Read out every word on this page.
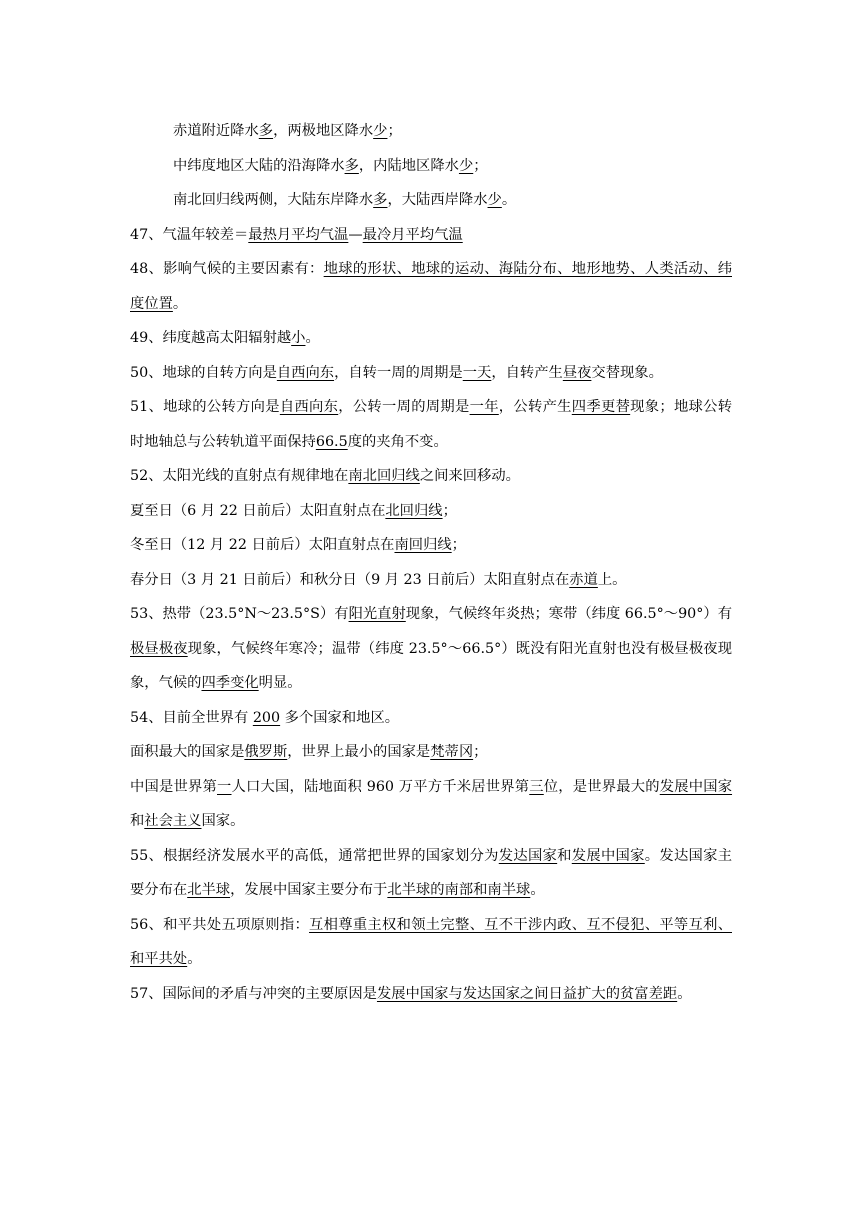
赤道附近降水多，两极地区降水少；

中纬度地区大陆的沿海降水多，内陆地区降水少；

南北回归线两侧，大陆东岸降水多，大陆西岸降水少。

47、气温年较差＝最热月平均气温—最冷月平均气温

48、影响气候的主要因素有：地球的形状、地球的运动、海陆分布、地形地势、人类活动、纬度位置。

49、纬度越高太阳辐射越小。

50、地球的自转方向是自西向东，自转一周的周期是一天，自转产生昼夜交替现象。

51、地球的公转方向是自西向东，公转一周的周期是一年，公转产生四季更替现象；地球公转时地轴总与公转轨道平面保持66.5度的夹角不变。

52、太阳光线的直射点有规律地在南北回归线之间来回移动。

夏至日（6 月 22 日前后）太阳直射点在北回归线；

冬至日（12 月 22 日前后）太阳直射点在南回归线；

春分日（3 月 21 日前后）和秋分日（9 月 23 日前后）太阳直射点在赤道上。

53、热带（23.5°N～23.5°S）有阳光直射现象，气候终年炎热；寒带（纬度 66.5°～90°）有极昼极夜现象，气候终年寒冷；温带（纬度 23.5°～66.5°）既没有阳光直射也没有极昼极夜现象，气候的四季变化明显。

54、目前全世界有 200 多个国家和地区。

面积最大的国家是俄罗斯，世界上最小的国家是梵蒂冈；

中国是世界第一人口大国，陆地面积 960 万平方千米居世界第三位，是世界最大的发展中国家和社会主义国家。

55、根据经济发展水平的高低，通常把世界的国家划分为发达国家和发展中国家。发达国家主要分布在北半球，发展中国家主要分布于北半球的南部和南半球。

56、和平共处五项原则指：互相尊重主权和领土完整、互不干涉内政、互不侵犯、平等互利、和平共处。

57、国际间的矛盾与冲突的主要原因是发展中国家与发达国家之间日益扩大的贫富差距。
